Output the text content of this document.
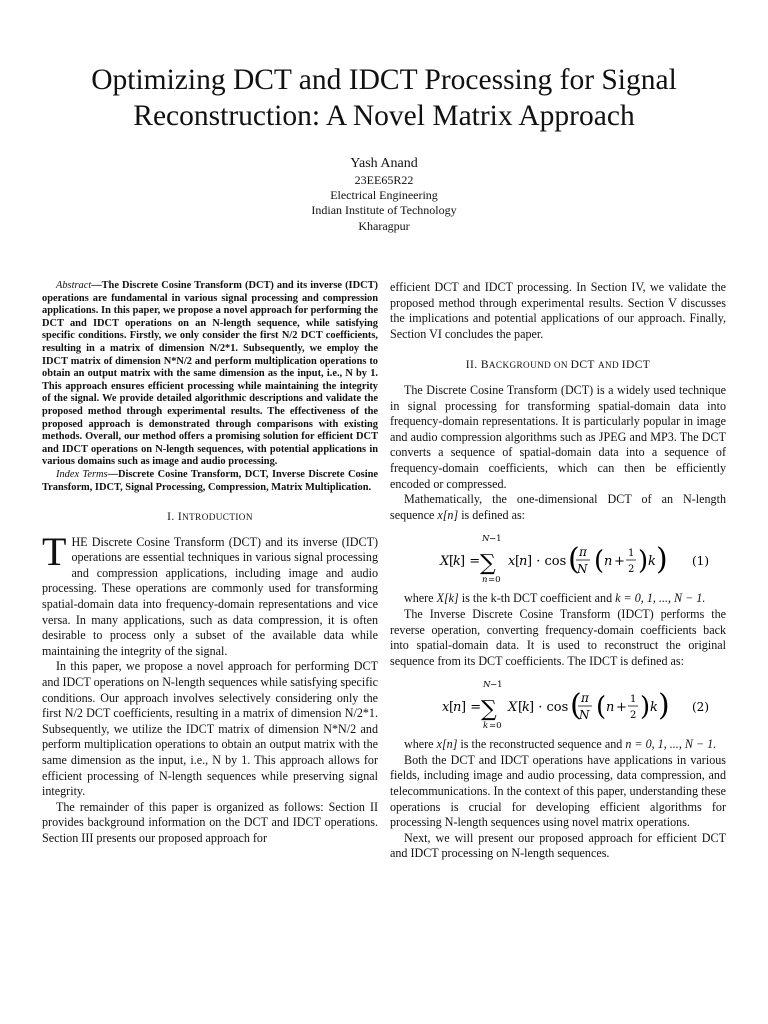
Optimizing DCT and IDCT Processing for Signal
Reconstruction: A Novel Matrix Approach
Yash Anand
23EE65R22
Electrical Engineering
Indian Institute of Technology
Kharagpur

Abstract—The Discrete Cosine Transform (DCT) and its inverse (IDCT) operations are fundamental in various signal processing and compression applications. In this paper, we propose a novel approach for performing the DCT and IDCT operations on an N-length sequence, while satisfying specific conditions. Firstly, we only consider the first N/2 DCT coefficients, resulting in a matrix of dimension N/2*1. Subsequently, we employ the IDCT matrix of dimension N*N/2 and perform multiplication operations to obtain an output matrix with the same dimension as the input, i.e., N by 1. This approach ensures efficient processing while maintaining the integrity of the signal. We provide detailed algorithmic descriptions and validate the proposed method through experimental results. The effectiveness of the proposed approach is demonstrated through comparisons with existing methods. Overall, our method offers a promising solution for efficient DCT and IDCT operations on N-length sequences, with potential applications in various domains such as image and audio processing.

Index Terms—Discrete Cosine Transform, DCT, Inverse Discrete Cosine Transform, IDCT, Signal Processing, Compression, Matrix Multiplication.

I. INTRODUCTION

THE Discrete Cosine Transform (DCT) and its inverse (IDCT) operations are essential techniques in various signal processing and compression applications, including image and audio processing. These operations are commonly used for transforming spatial-domain data into frequency-domain representations and vice versa. In many applications, such as data compression, it is often desirable to process only a subset of the available data while maintaining the integrity of the signal.

In this paper, we propose a novel approach for performing DCT and IDCT operations on N-length sequences while satisfying specific conditions. Our approach involves selectively considering only the first N/2 DCT coefficients, resulting in a matrix of dimension N/2*1. Subsequently, we utilize the IDCT matrix of dimension N*N/2 and perform multiplication operations to obtain an output matrix with the same dimension as the input, i.e., N by 1. This approach allows for efficient processing of N-length sequences while preserving signal integrity.

The remainder of this paper is organized as follows: Section II provides background information on the DCT and IDCT operations. Section III presents our proposed approach for

efficient DCT and IDCT processing. In Section IV, we validate the proposed method through experimental results. Section V discusses the implications and potential applications of our approach. Finally, Section VI concludes the paper.

II. BACKGROUND ON DCT AND IDCT

The Discrete Cosine Transform (DCT) is a widely used technique in signal processing for transforming spatial-domain data into frequency-domain representations. It is particularly popular in image and audio compression algorithms such as JPEG and MP3. The DCT converts a sequence of spatial-domain data into a sequence of frequency-domain coefficients, which can then be efficiently encoded or compressed.

Mathematically, the one-dimensional DCT of an N-length sequence x[n] is defined as:

X [
k ] =
N −1
∑
n =0
x [
n ] · cos ( π
N ( n +
1
2 ) k ) (1)

where X[k] is the k-th DCT coefficient and k = 0, 1, ..., N − 1.

The Inverse Discrete Cosine Transform (IDCT) performs the reverse operation, converting frequency-domain coefficients back into spatial-domain data. It is used to reconstruct the original sequence from its DCT coefficients. The IDCT is defined as:

x [
n ] =
N −1
∑
k =0
X [
k ] · cos ( π
N ( n +
1
2 ) k ) (2)

where x[n] is the reconstructed sequence and n = 0, 1, ..., N − 1.

Both the DCT and IDCT operations have applications in various fields, including image and audio processing, data compression, and telecommunications. In the context of this paper, understanding these operations is crucial for developing efficient algorithms for processing N-length sequences using novel matrix operations.

Next, we will present our proposed approach for efficient DCT and IDCT processing on N-length sequences.
